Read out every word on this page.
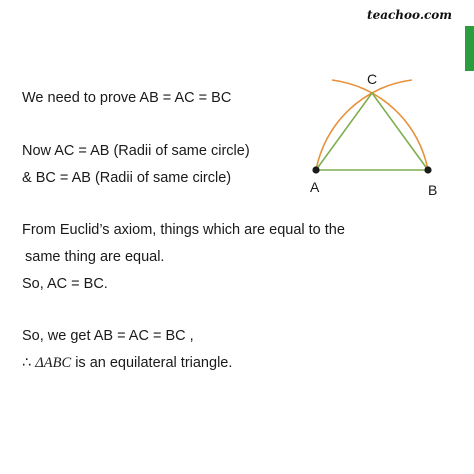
teachoo.com
We need to prove AB = AC = BC
Now AC = AB (Radii of same circle)
& BC = AB (Radii of same circle)
From Euclid’s axiom, things which are equal to the
same thing are equal.
So, AC = BC.
So, we get AB = AC = BC ,
∴ ΔABC is an equilateral triangle.
C
A	B
